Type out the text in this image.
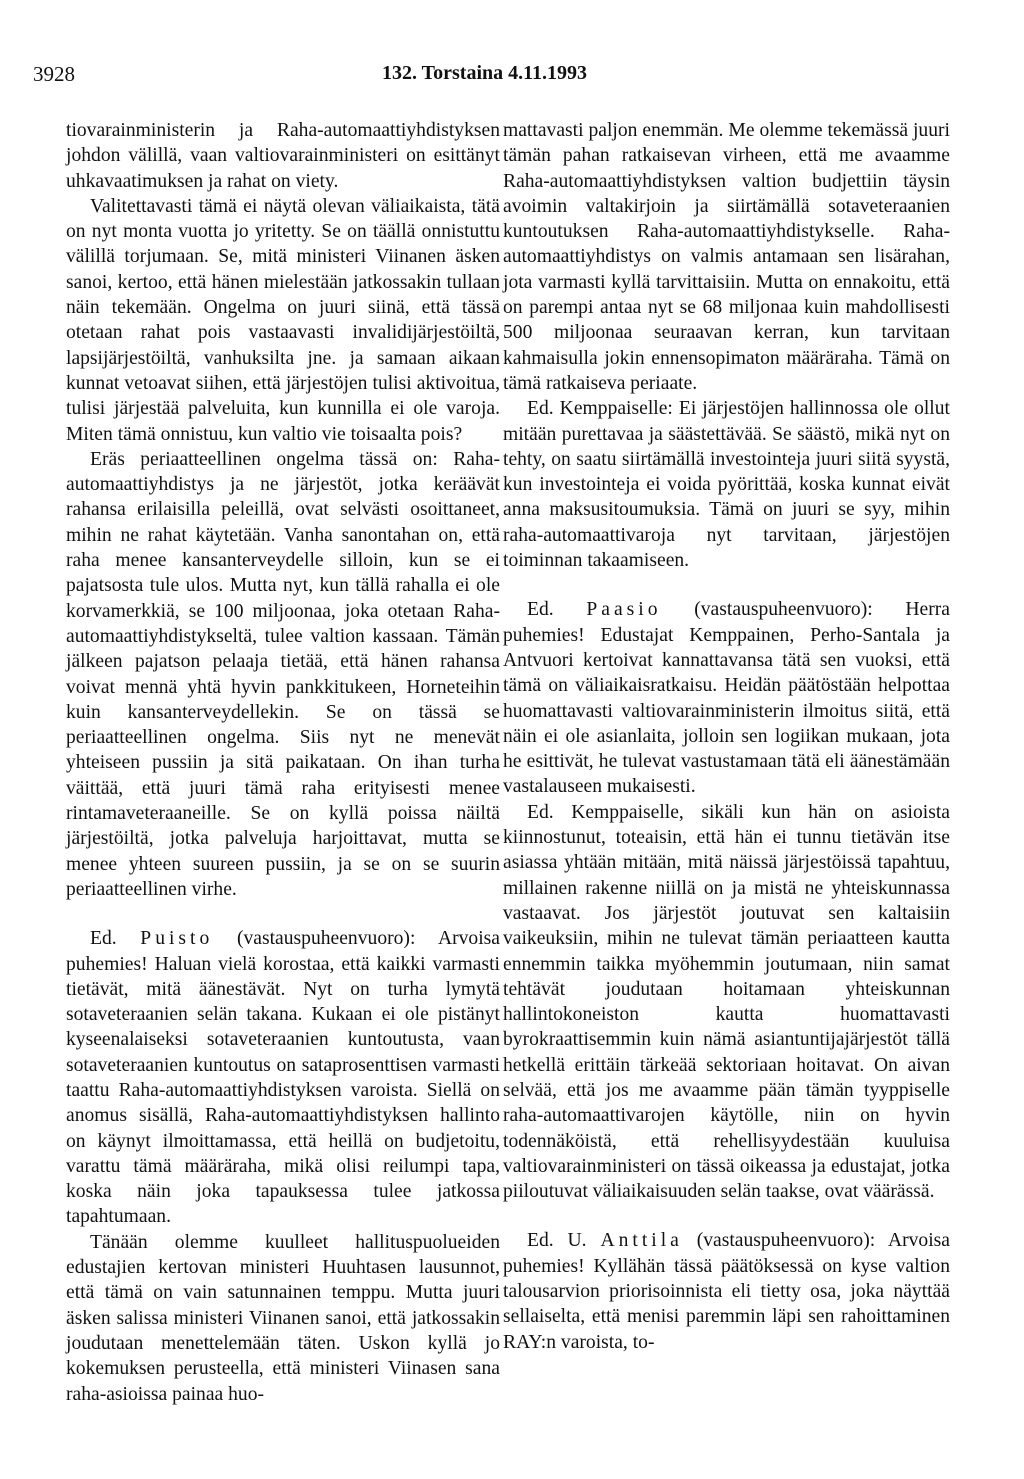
3928	132. Torstaina 4.11.1993

tiovarainministerin ja Raha-automaattiyhdistyksen johdon välillä, vaan valtiovarainministeri on esittänyt uhkavaatimuksen ja rahat on viety.

Valitettavasti tämä ei näytä olevan väliaikaista, tätä on nyt monta vuotta jo yritetty. Se on täällä onnistuttu välillä torjumaan. Se, mitä ministeri Viinanen äsken sanoi, kertoo, että hänen mielestään jatkossakin tullaan näin tekemään. Ongelma on juuri siinä, että tässä otetaan rahat pois vastaavasti invalidijärjestöiltä, lapsijärjestöiltä, vanhuksilta jne. ja samaan aikaan kunnat vetoavat siihen, että järjestöjen tulisi aktivoitua, tulisi järjestää palveluita, kun kunnilla ei ole varoja. Miten tämä onnistuu, kun valtio vie toisaalta pois?

Eräs periaatteellinen ongelma tässä on: Raha-automaattiyhdistys ja ne järjestöt, jotka keräävät rahansa erilaisilla peleillä, ovat selvästi osoittaneet, mihin ne rahat käytetään. Vanha sanontahan on, että raha menee kansanterveydelle silloin, kun se ei pajatsosta tule ulos. Mutta nyt, kun tällä rahalla ei ole korvamerkkiä, se 100 miljoonaa, joka otetaan Raha-automaattiyhdistykseltä, tulee valtion kassaan. Tämän jälkeen pajatson pelaaja tietää, että hänen rahansa voivat mennä yhtä hyvin pankkitukeen, Horneteihin kuin kansanterveydellekin. Se on tässä se periaatteellinen ongelma. Siis nyt ne menevät yhteiseen pussiin ja sitä paikataan. On ihan turha väittää, että juuri tämä raha erityisesti menee rintamaveteraaneille. Se on kyllä poissa näiltä järjestöiltä, jotka palveluja harjoittavat, mutta se menee yhteen suureen pussiin, ja se on se suurin periaatteellinen virhe.

Ed. Puisto (vastauspuheenvuoro): Arvoisa puhemies! Haluan vielä korostaa, että kaikki varmasti tietävät, mitä äänestävät. Nyt on turha lymytä sotaveteraanien selän takana. Kukaan ei ole pistänyt kyseenalaiseksi sotaveteraanien kuntoutusta, vaan sotaveteraanien kuntoutus on sataprosenttisen varmasti taattu Raha-automaattiyhdistyksen varoista. Siellä on anomus sisällä, Raha-automaattiyhdistyksen hallinto on käynyt ilmoittamassa, että heillä on budjetoitu, varattu tämä määräraha, mikä olisi reilumpi tapa, koska näin joka tapauksessa tulee jatkossa tapahtumaan.

Tänään olemme kuulleet hallituspuolueiden edustajien kertovan ministeri Huuhtasen lausunnot, että tämä on vain satunnainen temppu. Mutta juuri äsken salissa ministeri Viinanen sanoi, että jatkossakin joudutaan menettelemään täten. Uskon kyllä jo kokemuksen perusteella, että ministeri Viinasen sana raha-asioissa painaa huo-

mattavasti paljon enemmän. Me olemme tekemässä juuri tämän pahan ratkaisevan virheen, että me avaamme Raha-automaattiyhdistyksen valtion budjettiin täysin avoimin valtakirjoin ja siirtämällä sotaveteraanien kuntoutuksen Raha-automaattiyhdistykselle. Raha-automaattiyhdistys on valmis antamaan sen lisärahan, jota varmasti kyllä tarvittaisiin. Mutta on ennakoitu, että on parempi antaa nyt se 68 miljonaa kuin mahdollisesti 500 miljoonaa seuraavan kerran, kun tarvitaan kahmaisulla jokin ennensopimaton määräraha. Tämä on tämä ratkaiseva periaate.

Ed. Kemppaiselle: Ei järjestöjen hallinnossa ole ollut mitään purettavaa ja säästettävää. Se säästö, mikä nyt on tehty, on saatu siirtämällä investointeja juuri siitä syystä, kun investointeja ei voida pyörittää, koska kunnat eivät anna maksusitoumuksia. Tämä on juuri se syy, mihin raha-automaattivaroja nyt tarvitaan, järjestöjen toiminnan takaamiseen.

Ed. Paasio (vastauspuheenvuoro): Herra puhemies! Edustajat Kemppainen, Perho-Santala ja Antvuori kertoivat kannattavansa tätä sen vuoksi, että tämä on väliaikaisratkaisu. Heidän päätöstään helpottaa huomattavasti valtiovarainministerin ilmoitus siitä, että näin ei ole asianlaita, jolloin sen logiikan mukaan, jota he esittivät, he tulevat vastustamaan tätä eli äänestämään vastalauseen mukaisesti.

Ed. Kemppaiselle, sikäli kun hän on asioista kiinnostunut, toteaisin, että hän ei tunnu tietävän itse asiassa yhtään mitään, mitä näissä järjestöissä tapahtuu, millainen rakenne niillä on ja mistä ne yhteiskunnassa vastaavat. Jos järjestöt joutuvat sen kaltaisiin vaikeuksiin, mihin ne tulevat tämän periaatteen kautta ennemmin taikka myöhemmin joutumaan, niin samat tehtävät joudutaan hoitamaan yhteiskunnan hallintokoneiston kautta huomattavasti byrokraattisemmin kuin nämä asiantuntijajärjestöt tällä hetkellä erittäin tärkeää sektoriaan hoitavat. On aivan selvää, että jos me avaamme pään tämän tyyppiselle raha-automaattivarojen käytölle, niin on hyvin todennäköistä, että rehellisyydestään kuuluisa valtiovarainministeri on tässä oikeassa ja edustajat, jotka piiloutuvat väliaikaisuuden selän taakse, ovat väärässä.

Ed. U. Anttila (vastauspuheenvuoro): Arvoisa puhemies! Kyllähän tässä päätöksessä on kyse valtion talousarvion priorisoinnista eli tietty osa, joka näyttää sellaiselta, että menisi paremmin läpi sen rahoittaminen RAY:n varoista, to-
